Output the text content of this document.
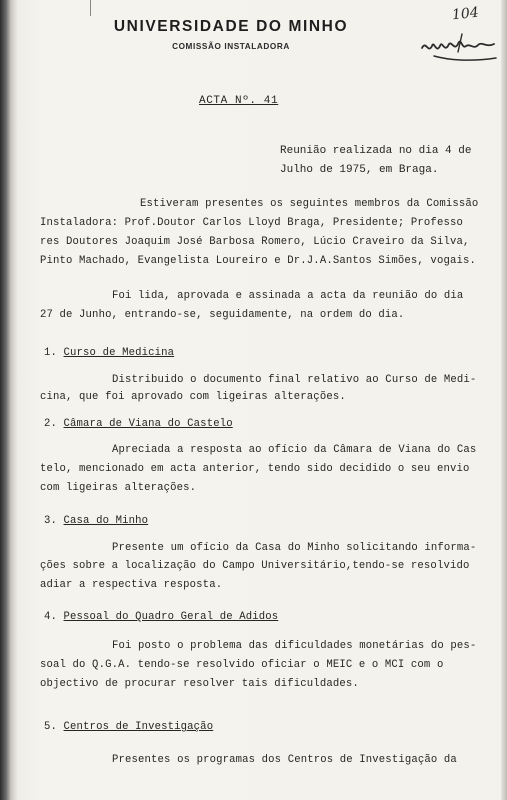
UNIVERSIDADE DO MINHO
COMISSÃO INSTALADORA
104
ACTA Nº. 41
Reunião realizada no dia 4 de
Julho de 1975, em Braga.
Estiveram presentes os seguintes membros da Comissão
Instaladora: Prof.Doutor Carlos Lloyd Braga, Presidente; Professo
res Doutores Joaquim José Barbosa Romero, Lúcio Craveiro da Silva,
Pinto Machado, Evangelista Loureiro e Dr.J.A.Santos Simões, vogais.
Foi lida, aprovada e assinada a acta da reunião do dia
27 de Junho, entrando-se, seguidamente, na ordem do dia.
1. Curso de Medicina
Distribuido o documento final relativo ao Curso de Medi-
cina, que foi aprovado com ligeiras alterações.
2. Câmara de Viana do Castelo
Apreciada a resposta ao ofício da Câmara de Viana do Cas
telo, mencionado em acta anterior, tendo sido decidido o seu envio
com ligeiras alterações.
3. Casa do Minho
Presente um ofício da Casa do Minho solicitando informa-
ções sobre a localização do Campo Universitário,tendo-se resolvido
adiar a respectiva resposta.
4. Pessoal do Quadro Geral de Adidos
Foi posto o problema das dificuldades monetárias do pes-
soal do Q.G.A. tendo-se resolvido oficiar o MEIC e o MCI com o
objectivo de procurar resolver tais dificuldades.
5. Centros de Investigação
Presentes os programas dos Centros de Investigação da
